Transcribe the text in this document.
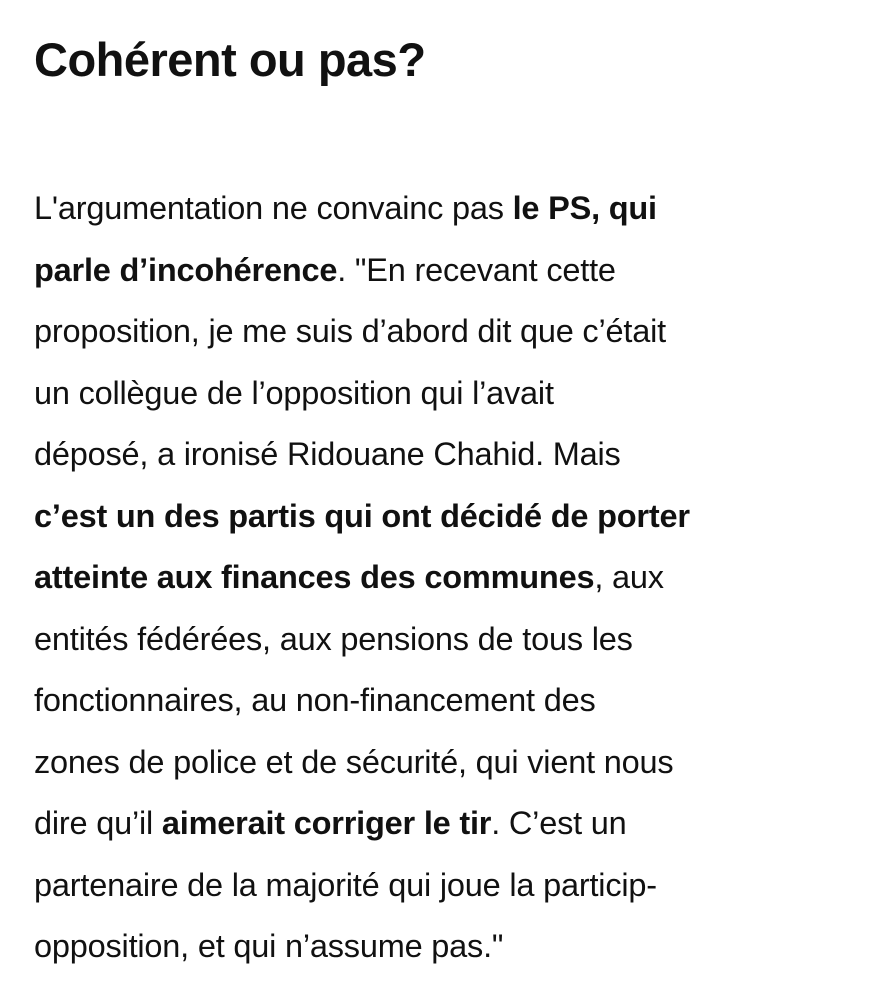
Cohérent ou pas?

L'argumentation ne convainc pas le PS, qui
parle d’incohérence. "En recevant cette
proposition, je me suis d’abord dit que c’était
un collègue de l’opposition qui l’avait
déposé, a ironisé Ridouane Chahid. Mais
c’est un des partis qui ont décidé de porter
atteinte aux finances des communes, aux
entités fédérées, aux pensions de tous les
fonctionnaires, au non-financement des
zones de police et de sécurité, qui vient nous
dire qu’il aimerait corriger le tir. C’est un
partenaire de la majorité qui joue la particip-
opposition, et qui n’assume pas."
